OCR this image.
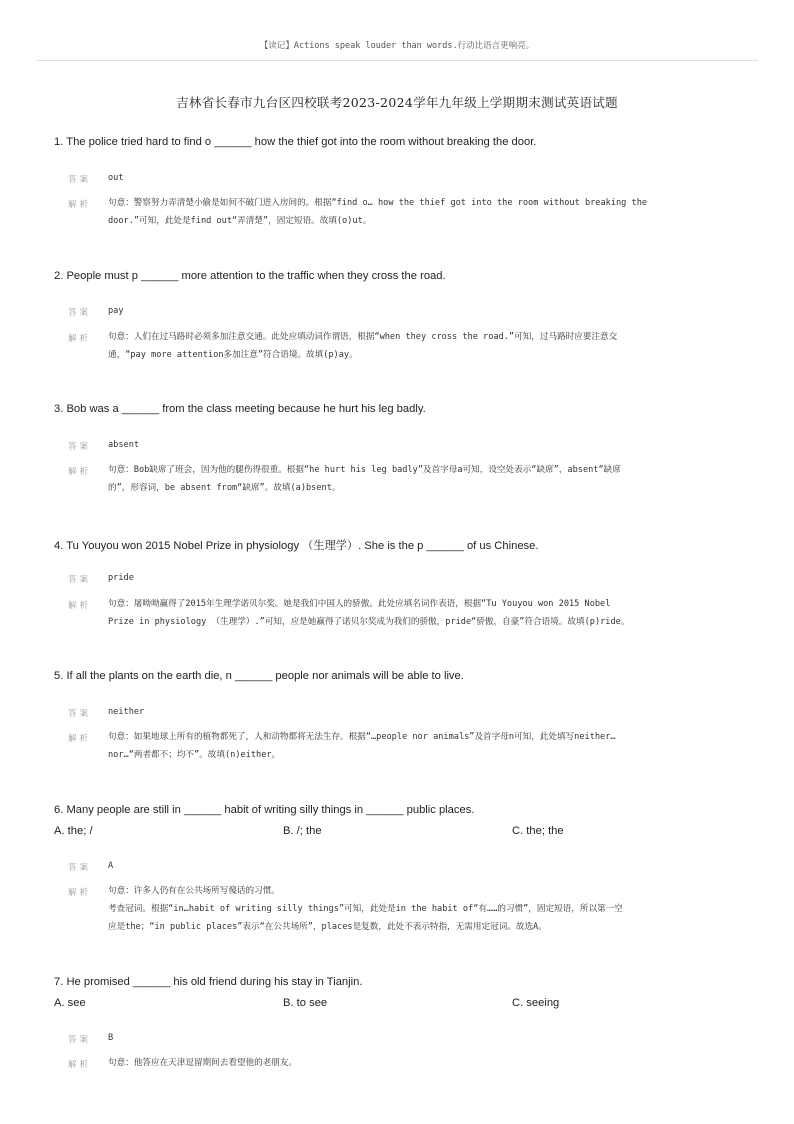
【读记】Actions speak louder than words.行动比语言更响亮。
吉林省长春市九台区四校联考2023-2024学年九年级上学期期末测试英语试题
1. The police tried hard to find o ______ how the thief got into the room without breaking the door.
答案 out
解析 句意：警察努力弄清楚小偷是如何不破门进入房间的。根据“find o… how the thief got into the room without breaking the
door.”可知，此处是find out“弄清楚”，固定短语。故填(o)ut。
2. People must p ______ more attention to the traffic when they cross the road.
答案 pay
解析 句意：人们在过马路时必须多加注意交通。此处应填动词作谓语，根据“when they cross the road.”可知，过马路时应要注意交
通，“pay more attention多加注意”符合语境。故填(p)ay。
3. Bob was a ______ from the class meeting because he hurt his leg badly.
答案 absent
解析 句意：Bob缺席了班会，因为他的腿伤得很重。根据“he hurt his leg badly”及首字母a可知，设空处表示“缺席”，absent“缺席
的”，形容词，be absent from“缺席”。故填(a)bsent。
4. Tu Youyou won 2015 Nobel Prize in physiology （生理学）. She is the p ______ of us Chinese.
答案 pride
解析 句意：屠呦呦赢得了2015年生理学诺贝尔奖。她是我们中国人的骄傲。此处应填名词作表语，根据“Tu Youyou won 2015 Nobel
Prize in physiology （生理学）.”可知，应是她赢得了诺贝尔奖成为我们的骄傲，pride“骄傲，自豪”符合语境。故填(p)ride。
5. If all the plants on the earth die, n ______ people nor animals will be able to live.
答案 neither
解析 句意：如果地球上所有的植物都死了，人和动物都将无法生存。根据“…people nor animals”及首字母n可知，此处填写neither…
nor…“两者都不；均不”。故填(n)either。
6. Many people are still in ______ habit of writing silly things in ______ public places.
A. the; /	B. /; the	C. the; the
答案 A
解析 句意：许多人仍有在公共场所写傻话的习惯。
考查冠词。根据“in…habit of writing silly things”可知，此处是in the habit of“有……的习惯”，固定短语，所以第一空
应是the；“in public places”表示“在公共场所”，places是复数，此处不表示特指，无需用定冠词。故选A。
7. He promised ______ his old friend during his stay in Tianjin.
A. see	B. to see	C. seeing
答案 B
解析 句意：他答应在天津逗留期间去看望他的老朋友。
